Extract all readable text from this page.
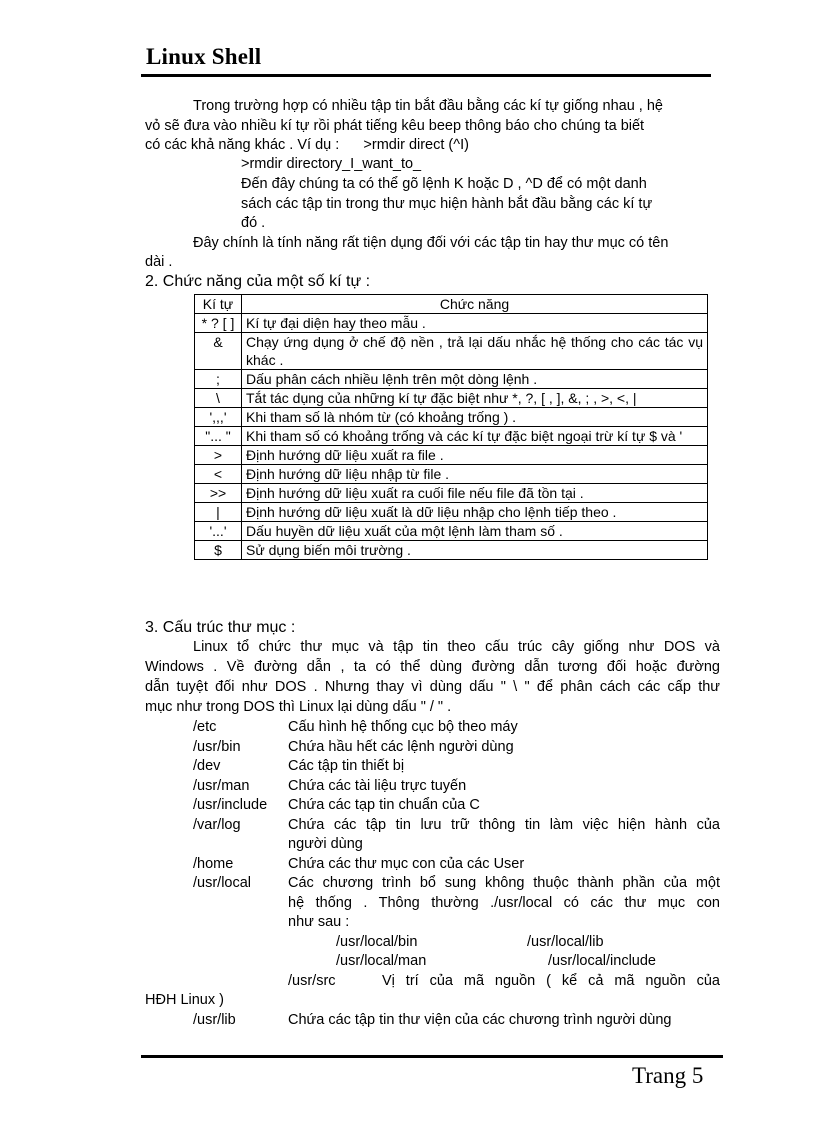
Linux Shell
Trong trường hợp có nhiều tập tin bắt đầu bằng các kí tự giống nhau , hệ
vỏ sẽ đưa vào nhiều kí tự rồi phát tiếng kêu beep thông báo cho chúng ta biết
có các khả năng khác . Ví dụ :      >rmdir direct (^I)
>rmdir directory_I_want_to_
Đến đây chúng ta có thể gõ lệnh K hoặc D , ^D để có một danh
sách các tập tin trong thư mục hiện hành bắt đầu bằng các kí tự
đó .
Đây chính là tính năng rất tiện dụng đối với các tập tin hay thư mục có tên
dài .
2. Chức năng của một số kí tự :
Kí tự	Chức năng
* ? [ ]	Kí tự đại diện hay theo mẫu .
&	Chạy ứng dụng ở chế độ nền , trả lại dấu nhắc hệ thống cho các tác vụ khác .
;	Dấu phân cách nhiều lệnh trên một dòng lệnh .
\	Tắt tác dụng của những kí tự đặc biệt như *, ?, [ , ], &, ; , >, <, |
',,,'	Khi tham số là nhóm từ (có khoảng trống ) .
"... "	Khi tham số có khoảng trống và các kí tự đặc biệt ngoại trừ kí tự $ và '
>	Định hướng dữ liệu xuất ra file .
<	Định hướng dữ liệu nhập từ file .
>>	Định hướng dữ liệu xuất ra cuối file nếu file đã tồn tại .
|	Định hướng dữ liệu xuất là dữ liệu nhập cho lệnh tiếp theo .
'...'	Dấu huyền dữ liệu xuất của một lệnh làm tham số .
$	Sử dụng biến môi trường .
3. Cấu trúc thư mục :
Linux tổ chức thư mục và tập tin theo cấu trúc cây giống như DOS và
Windows . Về đường dẫn , ta có thể dùng đường dẫn tương đối hoặc đường
dẫn tuyệt đối như DOS . Nhưng thay vì dùng dấu " \ " để phân cách các cấp thư
mục như trong DOS thì Linux lại dùng dấu " / " .
/etc	Cấu hình hệ thống cục bộ theo máy
/usr/bin	Chứa hầu hết các lệnh người dùng
/dev	Các tập tin thiết bị
/usr/man	Chứa các tài liệu trực tuyến
/usr/include Chứa các tạp tin chuẩn của C
/var/log	Chứa các tập tin lưu trữ thông tin làm việc hiện hành của
người dùng
/home	Chứa các thư mục con của các User
/usr/local	Các chương trình bổ sung không thuộc thành phần của một
hệ thống . Thông thường ./usr/local có các thư mục con
như sau :
/usr/local/bin	/usr/local/lib
/usr/local/man	/usr/local/include
/usr/src	Vị trí của mã nguồn ( kể cả mã nguồn của
HĐH Linux )
/usr/lib	Chứa các tập tin thư viện của các chương trình người dùng
Trang 5
